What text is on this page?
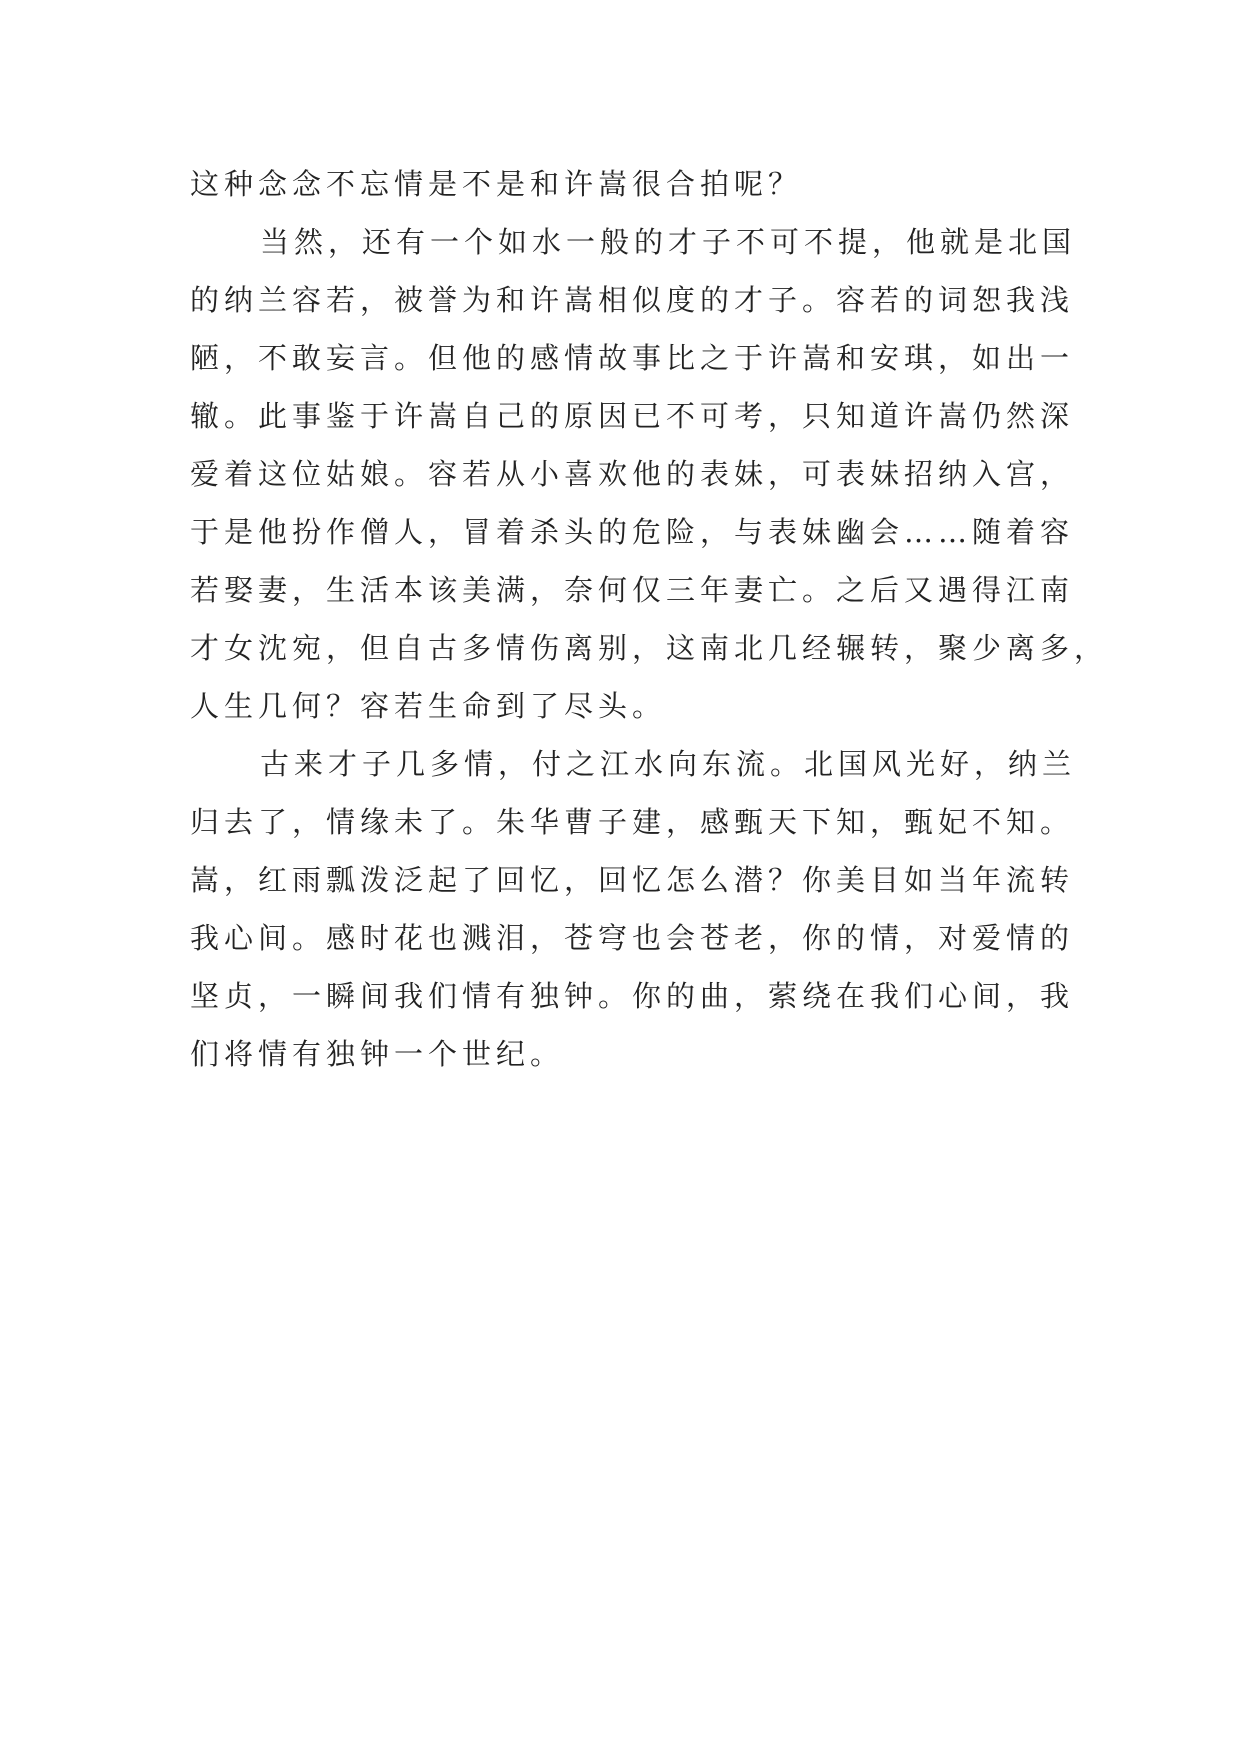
这种念念不忘情是不是和许嵩很合拍呢？
当然，还有一个如水一般的才子不可不提，他就是北国
的纳兰容若，被誉为和许嵩相似度的才子。容若的词恕我浅
陋，不敢妄言。但他的感情故事比之于许嵩和安琪，如出一
辙。此事鉴于许嵩自己的原因已不可考，只知道许嵩仍然深
爱着这位姑娘。容若从小喜欢他的表妹，可表妹招纳入宫，
于是他扮作僧人，冒着杀头的危险，与表妹幽会……随着容
若娶妻，生活本该美满，奈何仅三年妻亡。之后又遇得江南
才女沈宛，但自古多情伤离别，这南北几经辗转，聚少离多，
人生几何？容若生命到了尽头。
古来才子几多情，付之江水向东流。北国风光好，纳兰
归去了，情缘未了。朱华曹子建，感甄天下知，甄妃不知。
嵩，红雨瓢泼泛起了回忆，回忆怎么潜？你美目如当年流转
我心间。感时花也溅泪，苍穹也会苍老，你的情，对爱情的
坚贞，一瞬间我们情有独钟。你的曲，萦绕在我们心间，我
们将情有独钟一个世纪。
